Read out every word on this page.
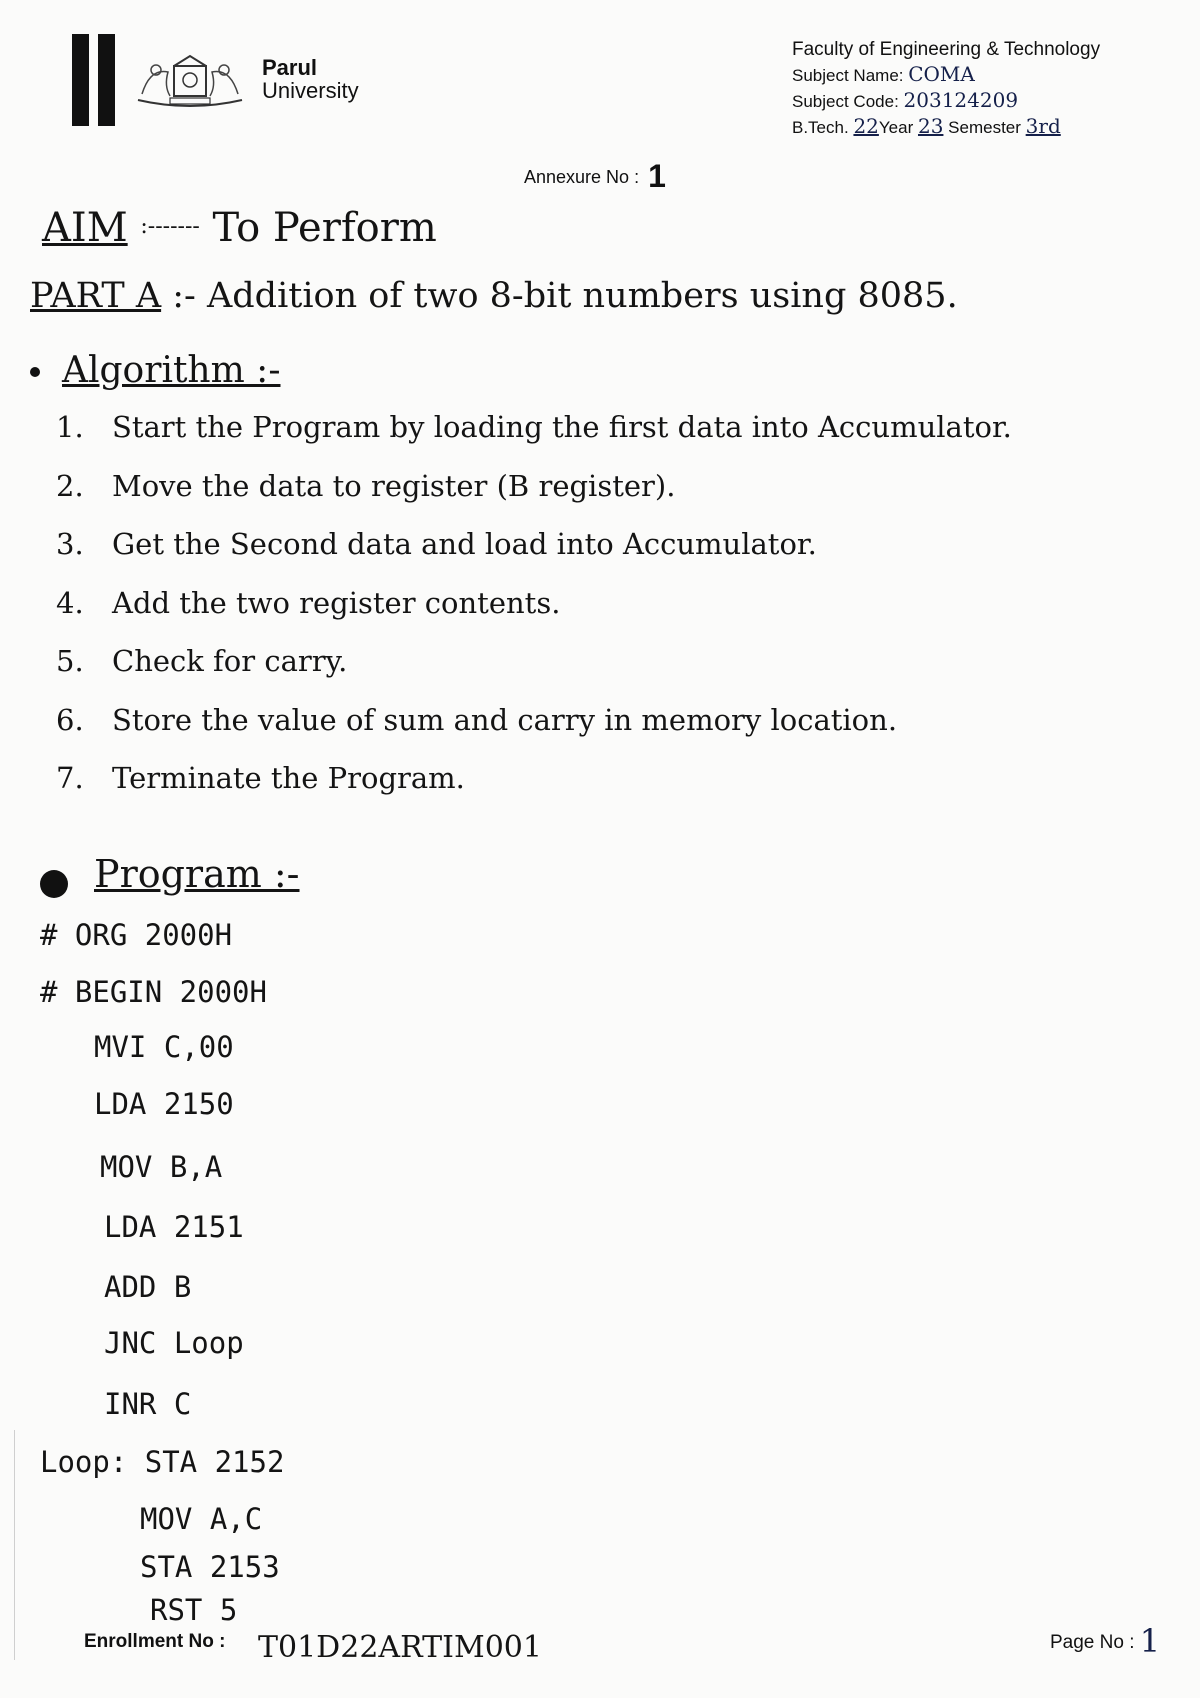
Parul
University
Faculty of Engineering & Technology
Subject Name: COMA
Subject Code: 203124209
B.Tech. 22Year 23 Semester 3rd
Annexure No : 1
AIM :------- To Perform
PART A :- Addition of two 8-bit numbers using 8085.
Algorithm :-
1. Start the Program by loading the first data into Accumulator.
2. Move the data to register (B register).
3. Get the Second data and load into Accumulator.
4. Add the two register contents.
5. Check for carry.
6. Store the value of sum and carry in memory location.
7. Terminate the Program.
Program :-
# ORG 2000H
# BEGIN 2000H
MVI C,00
LDA 2150
MOV B,A
LDA 2151
ADD B
JNC Loop
INR C
Loop: STA 2152
MOV A,C
STA 2153
RST 5
Enrollment No : T01D22ARTIM001	Page No : 1
